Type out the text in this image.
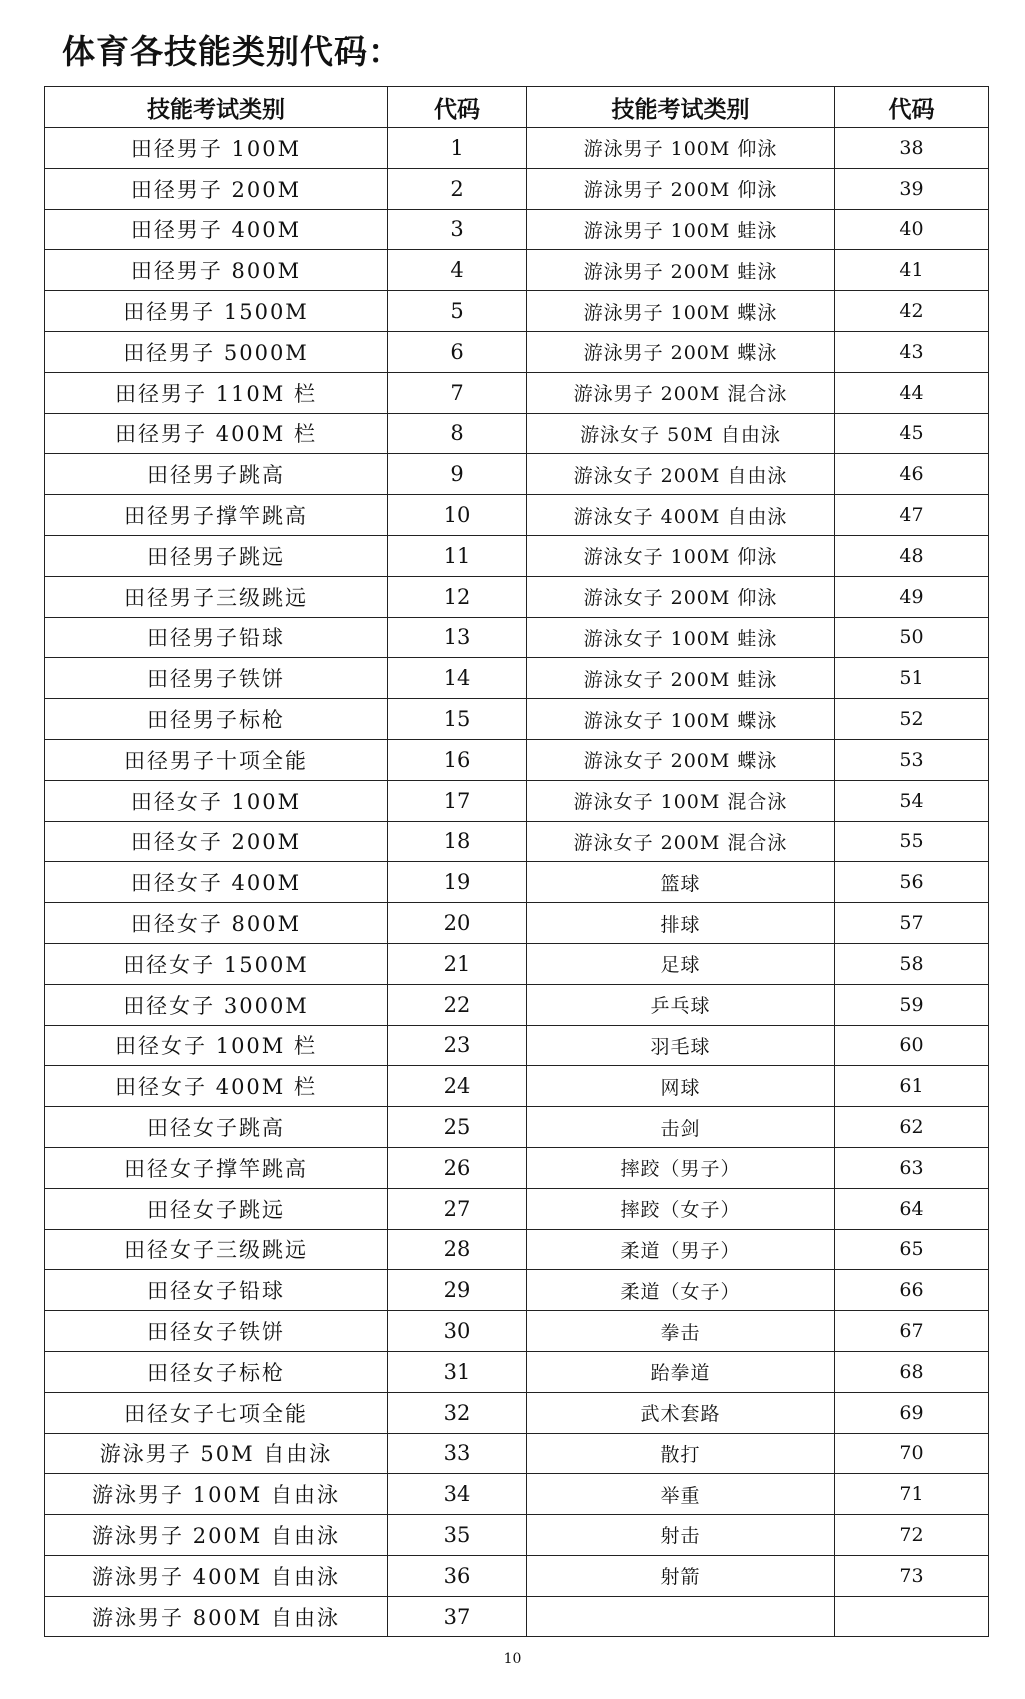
体育各技能类别代码：
技能考试类别	代码	技能考试类别	代码
田径男子 100M	1	游泳男子 100M 仰泳	38
田径男子 200M	2	游泳男子 200M 仰泳	39
田径男子 400M	3	游泳男子 100M 蛙泳	40
田径男子 800M	4	游泳男子 200M 蛙泳	41
田径男子 1500M	5	游泳男子 100M 蝶泳	42
田径男子 5000M	6	游泳男子 200M 蝶泳	43
田径男子 110M 栏	7	游泳男子 200M 混合泳	44
田径男子 400M 栏	8	游泳女子 50M 自由泳	45
田径男子跳高	9	游泳女子 200M 自由泳	46
田径男子撑竿跳高	10	游泳女子 400M 自由泳	47
田径男子跳远	11	游泳女子 100M 仰泳	48
田径男子三级跳远	12	游泳女子 200M 仰泳	49
田径男子铅球	13	游泳女子 100M 蛙泳	50
田径男子铁饼	14	游泳女子 200M 蛙泳	51
田径男子标枪	15	游泳女子 100M 蝶泳	52
田径男子十项全能	16	游泳女子 200M 蝶泳	53
田径女子 100M	17	游泳女子 100M 混合泳	54
田径女子 200M	18	游泳女子 200M 混合泳	55
田径女子 400M	19	篮球	56
田径女子 800M	20	排球	57
田径女子 1500M	21	足球	58
田径女子 3000M	22	乒乓球	59
田径女子 100M 栏	23	羽毛球	60
田径女子 400M 栏	24	网球	61
田径女子跳高	25	击剑	62
田径女子撑竿跳高	26	摔跤（男子）	63
田径女子跳远	27	摔跤（女子）	64
田径女子三级跳远	28	柔道（男子）	65
田径女子铅球	29	柔道（女子）	66
田径女子铁饼	30	拳击	67
田径女子标枪	31	跆拳道	68
田径女子七项全能	32	武术套路	69
游泳男子 50M 自由泳	33	散打	70
游泳男子 100M 自由泳	34	举重	71
游泳男子 200M 自由泳	35	射击	72
游泳男子 400M 自由泳	36	射箭	73
游泳男子 800M 自由泳	37		
10
